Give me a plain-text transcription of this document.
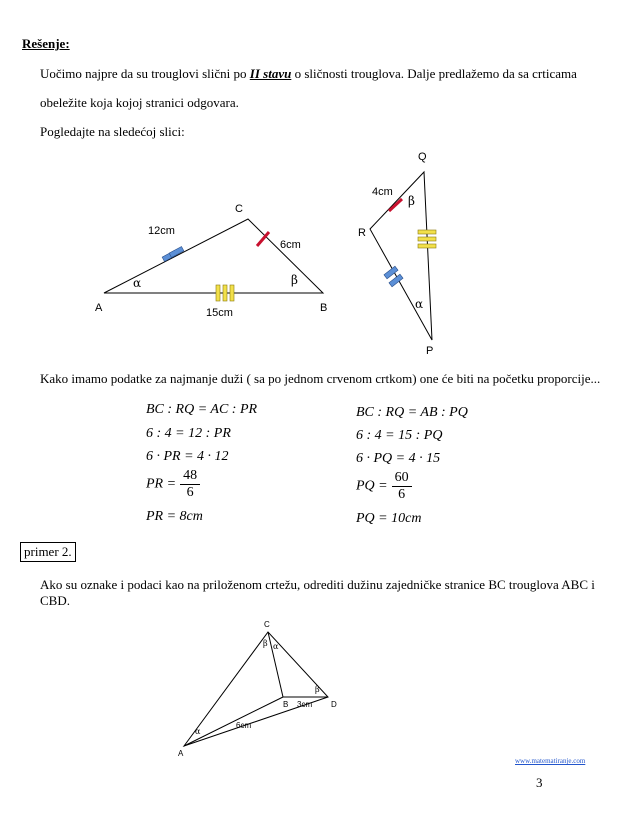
Rešenje:
Uočimo najpre da su trouglovi slični po II stavu o sličnosti trouglova. Dalje predlažemo da sa crticama
obeležite koja kojoj stranici odgovara.
Pogledajte na sledećoj slici:
A
C
B
Q
R
P
12cm
6cm
15cm
4cm
α	β
β
α
Kako imamo podatke za najmanje duži ( sa po jednom crvenom crtkom) one će biti na početku proporcije...
BC : RQ = AC : PR
6 : 4 = 12 : PR
6 · PR = 4 · 12
PR = $\frac{48}{6}$
PR = 8cm
BC : RQ = AB : PQ
6 : 4 = 15 : PQ
6 · PQ = 4 · 15
PQ = $\frac{60}{6}$
PQ = 10cm
primer 2.
Ako su oznake i podaci kao na priloženom crtežu, odrediti dužinu zajedničke stranice BC trouglova ABC i
CBD.
C
A
B	D
6cm
3cm
β α
α
β
www.matematiranje.com
3
